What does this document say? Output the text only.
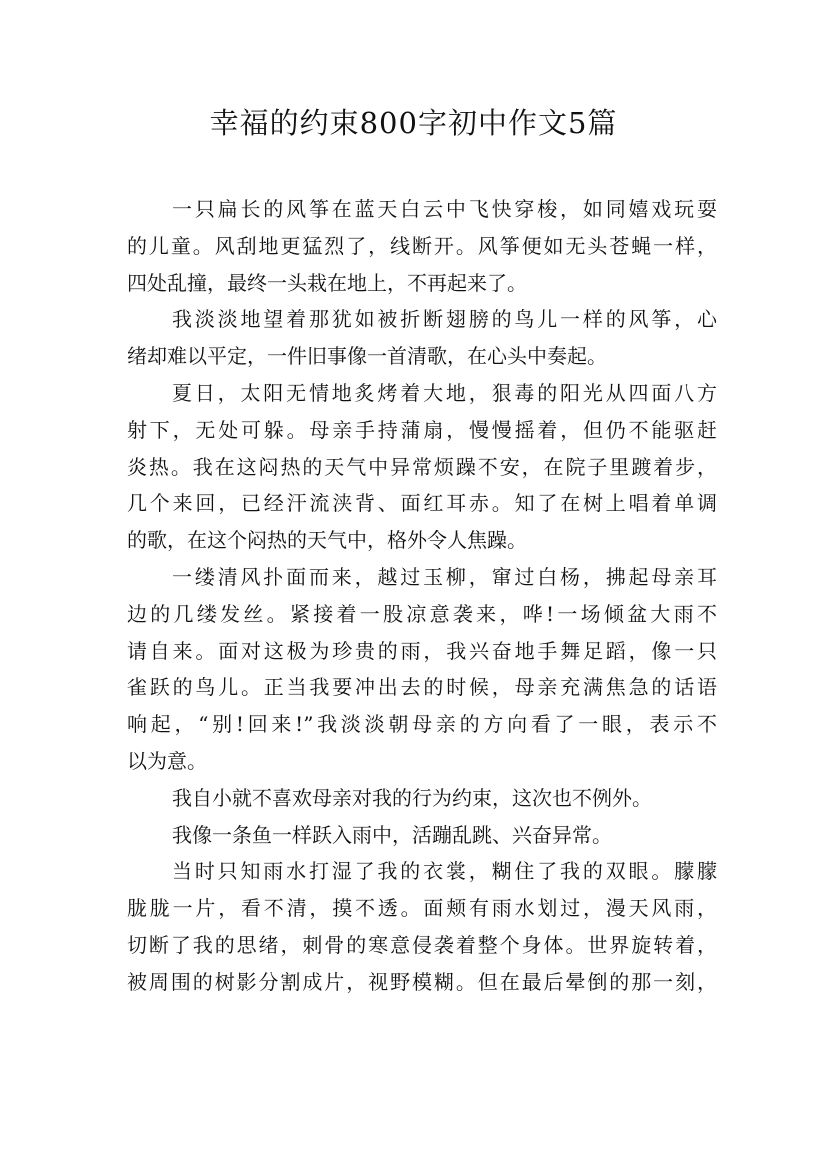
幸福的约束800字初中作文5篇
一只扁长的风筝在蓝天白云中飞快穿梭，如同嬉戏玩耍
的儿童。风刮地更猛烈了，线断开。风筝便如无头苍蝇一样，
四处乱撞，最终一头栽在地上，不再起来了。
我淡淡地望着那犹如被折断翅膀的鸟儿一样的风筝，心
绪却难以平定，一件旧事像一首清歌，在心头中奏起。
夏日，太阳无情地炙烤着大地，狠毒的阳光从四面八方
射下，无处可躲。母亲手持蒲扇，慢慢摇着，但仍不能驱赶
炎热。我在这闷热的天气中异常烦躁不安，在院子里踱着步，
几个来回，已经汗流浃背、面红耳赤。知了在树上唱着单调
的歌，在这个闷热的天气中，格外令人焦躁。
一缕清风扑面而来，越过玉柳，窜过白杨，拂起母亲耳
边的几缕发丝。紧接着一股凉意袭来，哗!一场倾盆大雨不
请自来。面对这极为珍贵的雨，我兴奋地手舞足蹈，像一只
雀跃的鸟儿。正当我要冲出去的时候，母亲充满焦急的话语
响起，“别!回来!”我淡淡朝母亲的方向看了一眼，表示不
以为意。
我自小就不喜欢母亲对我的行为约束，这次也不例外。
我像一条鱼一样跃入雨中，活蹦乱跳、兴奋异常。
当时只知雨水打湿了我的衣裳，糊住了我的双眼。朦朦
胧胧一片，看不清，摸不透。面颊有雨水划过，漫天风雨，
切断了我的思绪，刺骨的寒意侵袭着整个身体。世界旋转着，
被周围的树影分割成片，视野模糊。但在最后晕倒的那一刻，
